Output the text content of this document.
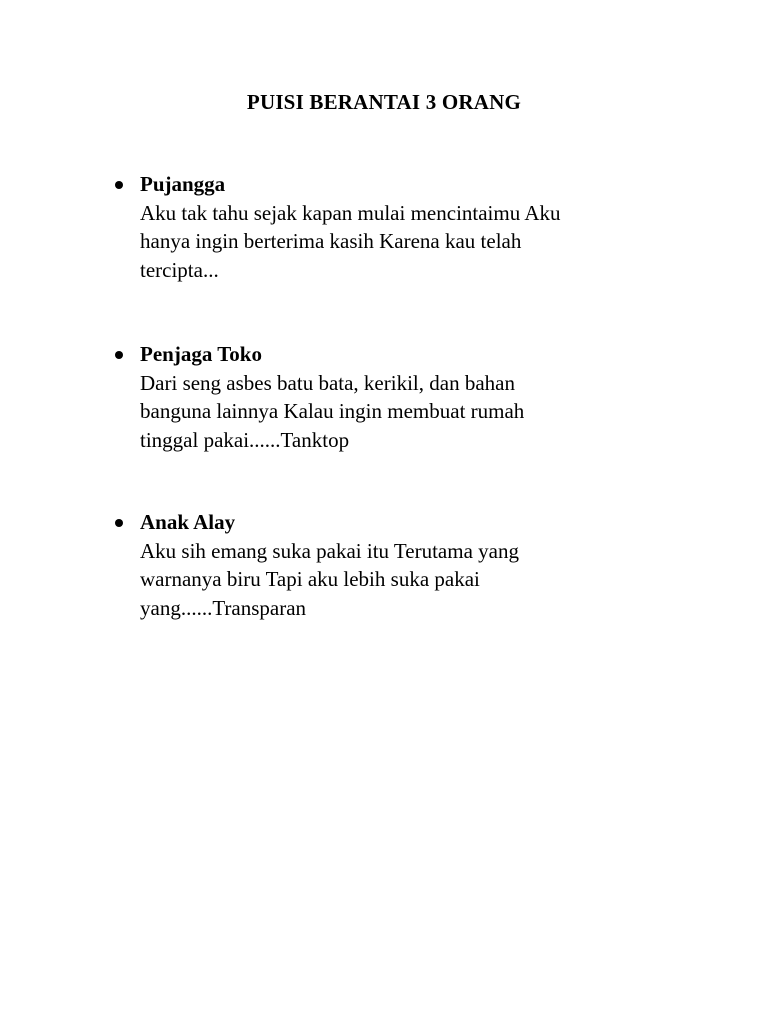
PUISI BERANTAI 3 ORANG
Pujangga
Aku tak tahu sejak kapan mulai mencintaimu Aku
hanya ingin berterima kasih Karena kau telah
tercipta...
Penjaga Toko
Dari seng asbes batu bata, kerikil, dan bahan
banguna lainnya Kalau ingin membuat rumah
tinggal pakai......Tanktop
Anak Alay
Aku sih emang suka pakai itu Terutama yang
warnanya biru Tapi aku lebih suka pakai
yang......Transparan
